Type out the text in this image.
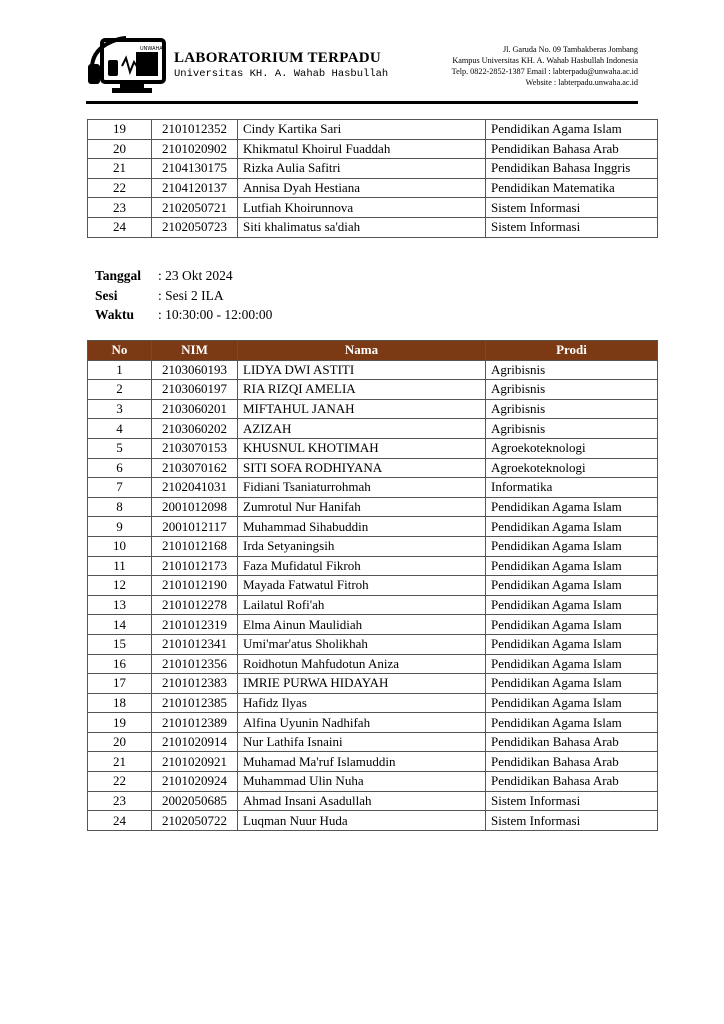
UNWAHA
LABORATORIUM TERPADU
Universitas KH. A. Wahab Hasbullah
Jl. Garuda No. 09 Tambakberas Jombang
Kampus Universitas KH. A. Wahab Hasbullah Indonesia
Telp. 0822-2852-1387 Email : labterpadu@unwaha.ac.id
Website : labterpadu.unwaha.ac.id
19	2101012352	Cindy Kartika Sari	Pendidikan Agama Islam
20	2101020902	Khikmatul Khoirul Fuaddah	Pendidikan Bahasa Arab
21	2104130175	Rizka Aulia Safitri	Pendidikan Bahasa Inggris
22	2104120137	Annisa Dyah Hestiana	Pendidikan Matematika
23	2102050721	Lutfiah Khoirunnova	Sistem Informasi
24	2102050723	Siti khalimatus sa'diah	Sistem Informasi
Tanggal	: 23 Okt 2024
Sesi	: Sesi 2 ILA
Waktu	: 10:30:00 - 12:00:00
No	NIM	Nama	Prodi
1	2103060193	LIDYA DWI ASTITI	Agribisnis
2	2103060197	RIA RIZQI AMELIA	Agribisnis
3	2103060201	MIFTAHUL JANAH	Agribisnis
4	2103060202	AZIZAH	Agribisnis
5	2103070153	KHUSNUL KHOTIMAH	Agroekoteknologi
6	2103070162	SITI SOFA RODHIYANA	Agroekoteknologi
7	2102041031	Fidiani Tsaniaturrohmah	Informatika
8	2001012098	Zumrotul Nur Hanifah	Pendidikan Agama Islam
9	2001012117	Muhammad Sihabuddin	Pendidikan Agama Islam
10	2101012168	Irda Setyaningsih	Pendidikan Agama Islam
11	2101012173	Faza Mufidatul Fikroh	Pendidikan Agama Islam
12	2101012190	Mayada Fatwatul Fitroh	Pendidikan Agama Islam
13	2101012278	Lailatul Rofi'ah	Pendidikan Agama Islam
14	2101012319	Elma Ainun Maulidiah	Pendidikan Agama Islam
15	2101012341	Umi'mar'atus Sholikhah	Pendidikan Agama Islam
16	2101012356	Roidhotun Mahfudotun Aniza	Pendidikan Agama Islam
17	2101012383	IMRIE PURWA HIDAYAH	Pendidikan Agama Islam
18	2101012385	Hafidz Ilyas	Pendidikan Agama Islam
19	2101012389	Alfina Uyunin Nadhifah	Pendidikan Agama Islam
20	2101020914	Nur Lathifa Isnaini	Pendidikan Bahasa Arab
21	2101020921	Muhamad Ma'ruf Islamuddin	Pendidikan Bahasa Arab
22	2101020924	Muhammad Ulin Nuha	Pendidikan Bahasa Arab
23	2002050685	Ahmad Insani Asadullah	Sistem Informasi
24	2102050722	Luqman Nuur Huda	Sistem Informasi
